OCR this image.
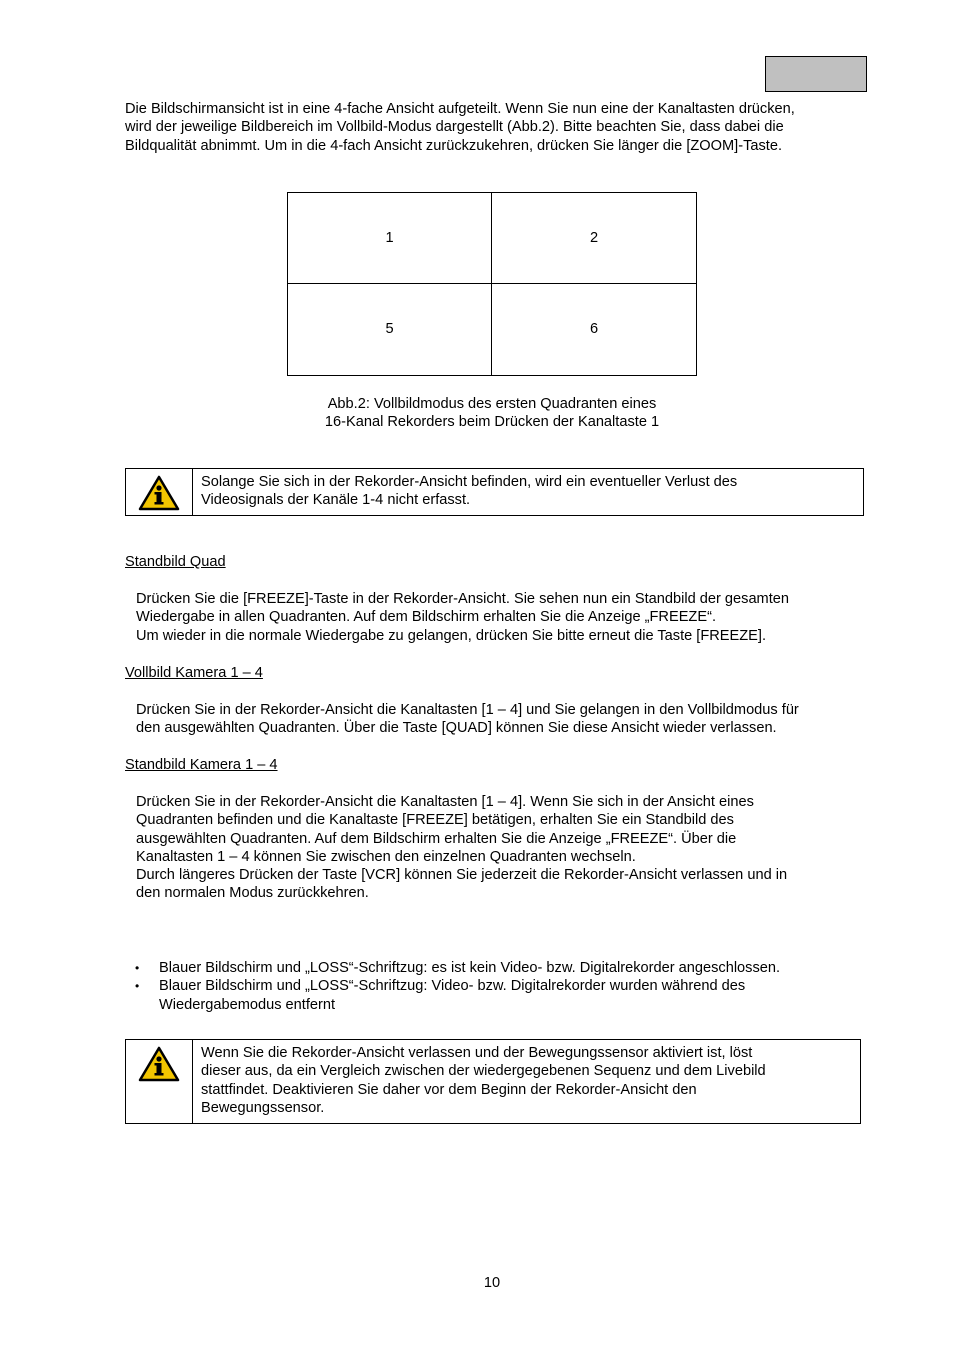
Die Bildschirmansicht ist in eine 4-fache Ansicht aufgeteilt. Wenn Sie nun eine der Kanaltasten drücken,
wird der jeweilige Bildbereich im Vollbild-Modus dargestellt (Abb.2). Bitte beachten Sie, dass dabei die
Bildqualität abnimmt. Um in die 4-fach Ansicht zurückzukehren, drücken Sie länger die [ZOOM]-Taste.
1	2
5	6
Abb.2: Vollbildmodus des ersten Quadranten eines
16-Kanal Rekorders beim Drücken der Kanaltaste 1
Solange Sie sich in der Rekorder-Ansicht befinden, wird ein eventueller Verlust des
Videosignals der Kanäle 1-4 nicht erfasst.
Standbild Quad
Drücken Sie die [FREEZE]-Taste in der Rekorder-Ansicht. Sie sehen nun ein Standbild der gesamten
Wiedergabe in allen Quadranten. Auf dem Bildschirm erhalten Sie die Anzeige „FREEZE“.
Um wieder in die normale Wiedergabe zu gelangen, drücken Sie bitte erneut die Taste [FREEZE].
Vollbild Kamera 1 – 4
Drücken Sie in der Rekorder-Ansicht die Kanaltasten [1 – 4] und Sie gelangen in den Vollbildmodus für
den ausgewählten Quadranten. Über die Taste [QUAD] können Sie diese Ansicht wieder verlassen.
Standbild Kamera 1 – 4
Drücken Sie in der Rekorder-Ansicht die Kanaltasten [1 – 4]. Wenn Sie sich in der Ansicht eines
Quadranten befinden und die Kanaltaste [FREEZE] betätigen, erhalten Sie ein Standbild des
ausgewählten Quadranten. Auf dem Bildschirm erhalten Sie die Anzeige „FREEZE“. Über die
Kanaltasten 1 – 4 können Sie zwischen den einzelnen Quadranten wechseln.
Durch längeres Drücken der Taste [VCR] können Sie jederzeit die Rekorder-Ansicht verlassen und in
den normalen Modus zurückkehren.
• Blauer Bildschirm und „LOSS“-Schriftzug: es ist kein Video- bzw. Digitalrekorder angeschlossen.
• Blauer Bildschirm und „LOSS“-Schriftzug: Video- bzw. Digitalrekorder wurden während des
Wiedergabemodus entfernt
Wenn Sie die Rekorder-Ansicht verlassen und der Bewegungssensor aktiviert ist, löst
dieser aus, da ein Vergleich zwischen der wiedergegebenen Sequenz und dem Livebild
stattfindet. Deaktivieren Sie daher vor dem Beginn der Rekorder-Ansicht den
Bewegungssensor.
10
